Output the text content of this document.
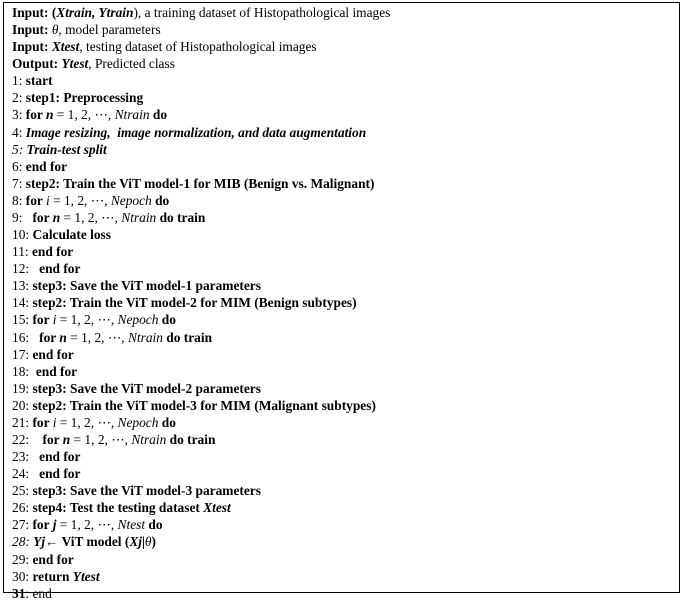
Input: (Xtrain, Ytrain), a training dataset of Histopathological images
Input: θ, model parameters
Input: Xtest, testing dataset of Histopathological images
Output: Ytest, Predicted class
1: start
2: step1: Preprocessing
3: for n = 1, 2, ⋯, Ntrain do
4: Image resizing,  image normalization, and data augmentation
5: Train-test split
6: end for
7: step2: Train the ViT model-1 for MIB (Benign vs. Malignant)
8: for i = 1, 2, ⋯, Nepoch do
9:   for n = 1, 2, ⋯, Ntrain do train
10: Calculate loss
11: end for
12:   end for
13: step3: Save the ViT model-1 parameters
14: step2: Train the ViT model-2 for MIM (Benign subtypes)
15: for i = 1, 2, ⋯, Nepoch do
16:   for n = 1, 2, ⋯, Ntrain do train
17: end for
18:  end for
19: step3: Save the ViT model-2 parameters
20: step2: Train the ViT model-3 for MIM (Malignant subtypes)
21: for i = 1, 2, ⋯, Nepoch do
22:    for n = 1, 2, ⋯, Ntrain do train
23:   end for
24:   end for
25: step3: Save the ViT model-3 parameters
26: step4: Test the testing dataset Xtest
27: for j = 1, 2, ⋯, Ntest do
28: Yj← ViT model (Xj|θ)
29: end for
30: return Ytest
31: end
